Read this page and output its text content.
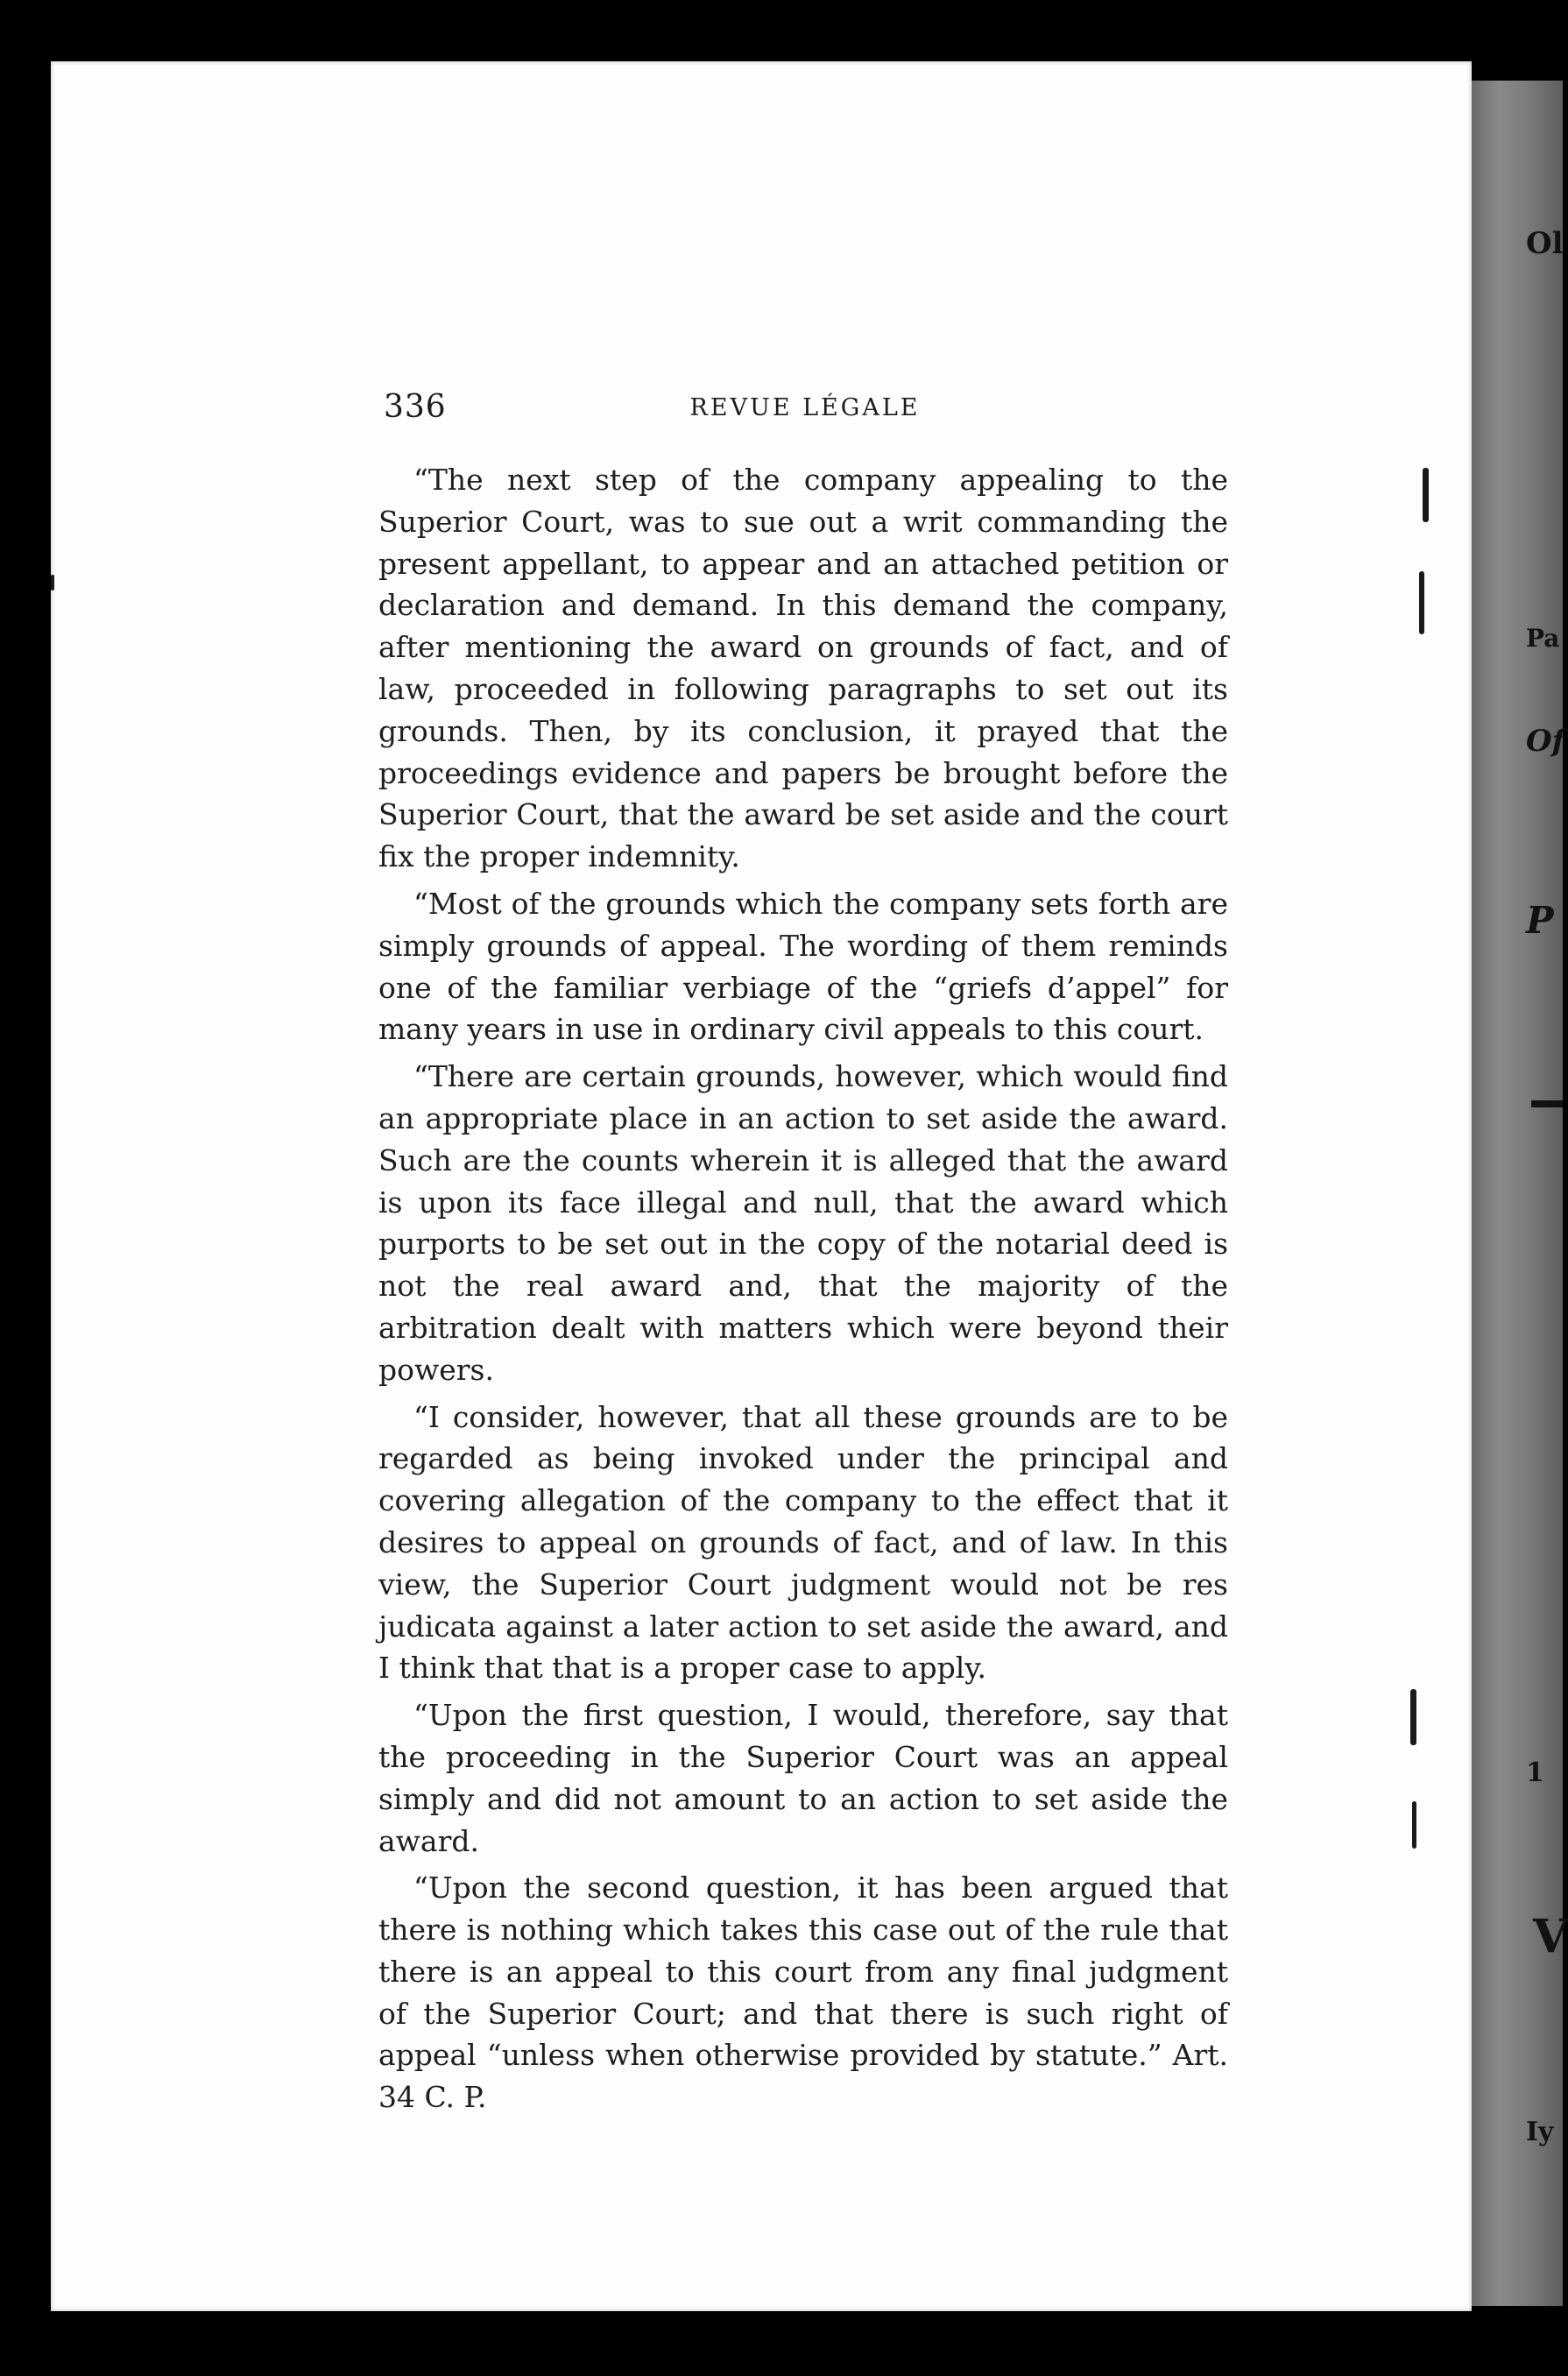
Ol
Pa
Of
P
1
V
Iy
336	REVUE LÉGALE

“The next step of the company appealing to the Superior Court, was to sue out a writ commanding the present appellant, to appear and an attached petition or declaration and demand. In this demand the company, after mentioning the award on grounds of fact, and of law, proceeded in following paragraphs to set out its grounds. Then, by its conclusion, it prayed that the proceedings evidence and papers be brought before the Superior Court, that the award be set aside and the court fix the proper indemnity.

“Most of the grounds which the company sets forth are simply grounds of appeal. The wording of them reminds one of the familiar verbiage of the “griefs d’appel” for many years in use in ordinary civil appeals to this court.

“There are certain grounds, however, which would find an appropriate place in an action to set aside the award. Such are the counts wherein it is alleged that the award is upon its face illegal and null, that the award which purports to be set out in the copy of the notarial deed is not the real award and, that the majority of the arbitration dealt with matters which were beyond their powers.

“I consider, however, that all these grounds are to be regarded as being invoked under the principal and covering allegation of the company to the effect that it desires to appeal on grounds of fact, and of law. In this view, the Superior Court judgment would not be res judicata against a later action to set aside the award, and I think that that is a proper case to apply.

“Upon the first question, I would, therefore, say that the proceeding in the Superior Court was an appeal simply and did not amount to an action to set aside the award.

“Upon the second question, it has been argued that there is nothing which takes this case out of the rule that there is an appeal to this court from any final judgment of the Superior Court; and that there is such right of appeal “unless when otherwise provided by statute.” Art. 34 C. P.
